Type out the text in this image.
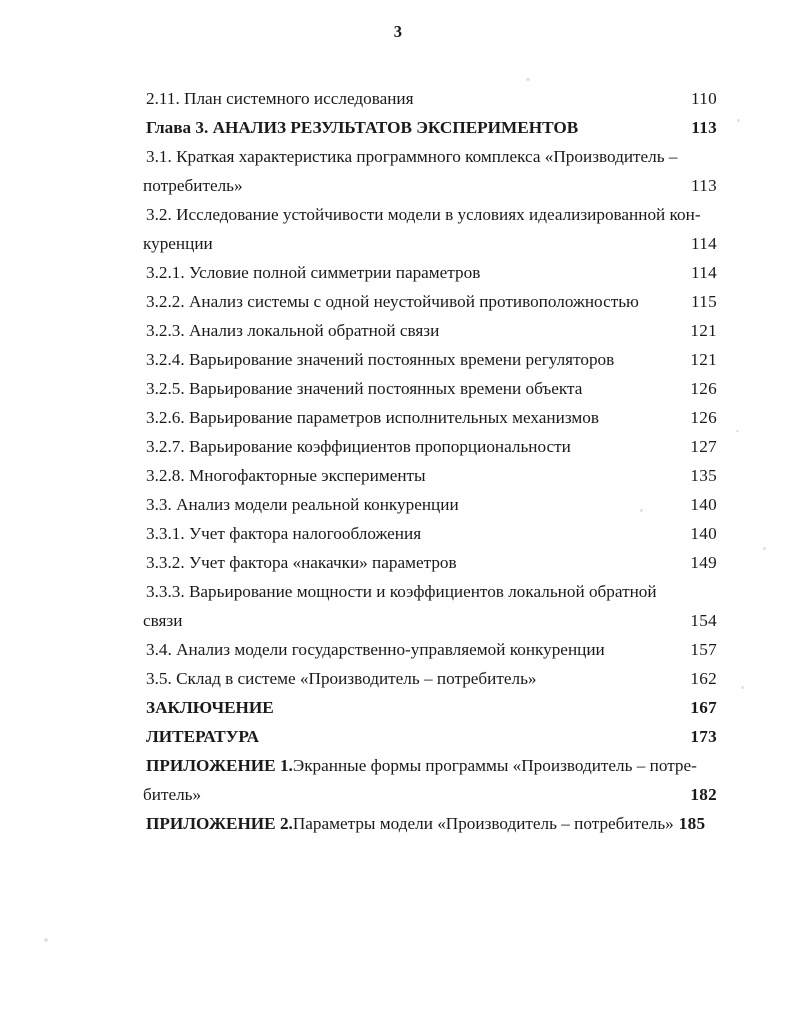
3
2.11. План системного исследования	110
Глава 3. АНАЛИЗ РЕЗУЛЬТАТОВ ЭКСПЕРИМЕНТОВ	113
3.1. Краткая характеристика программного комплекса «Производитель –
потребитель»	113
3.2. Исследование устойчивости модели в условиях идеализированной кон-
куренции	114
3.2.1. Условие полной симметрии параметров	114
3.2.2. Анализ системы с одной неустойчивой противоположностью	115
3.2.3. Анализ локальной обратной связи	121
3.2.4. Варьирование значений постоянных времени регуляторов	121
3.2.5. Варьирование значений постоянных времени объекта	126
3.2.6. Варьирование параметров исполнительных механизмов	126
3.2.7. Варьирование коэффициентов пропорциональности	127
3.2.8. Многофакторные эксперименты	135
3.3. Анализ модели реальной конкуренции	140
3.3.1. Учет фактора налогообложения	140
3.3.2. Учет фактора «накачки» параметров	149
3.3.3. Варьирование мощности и коэффициентов локальной обратной
связи	154
3.4. Анализ модели государственно-управляемой конкуренции	157
3.5. Склад в системе «Производитель – потребитель»	162
ЗАКЛЮЧЕНИЕ	167
ЛИТЕРАТУРА	173
ПРИЛОЖЕНИЕ 1.Экранные формы программы «Производитель – потре-
битель»	182
ПРИЛОЖЕНИЕ 2.Параметры модели «Производитель – потребитель» 185
